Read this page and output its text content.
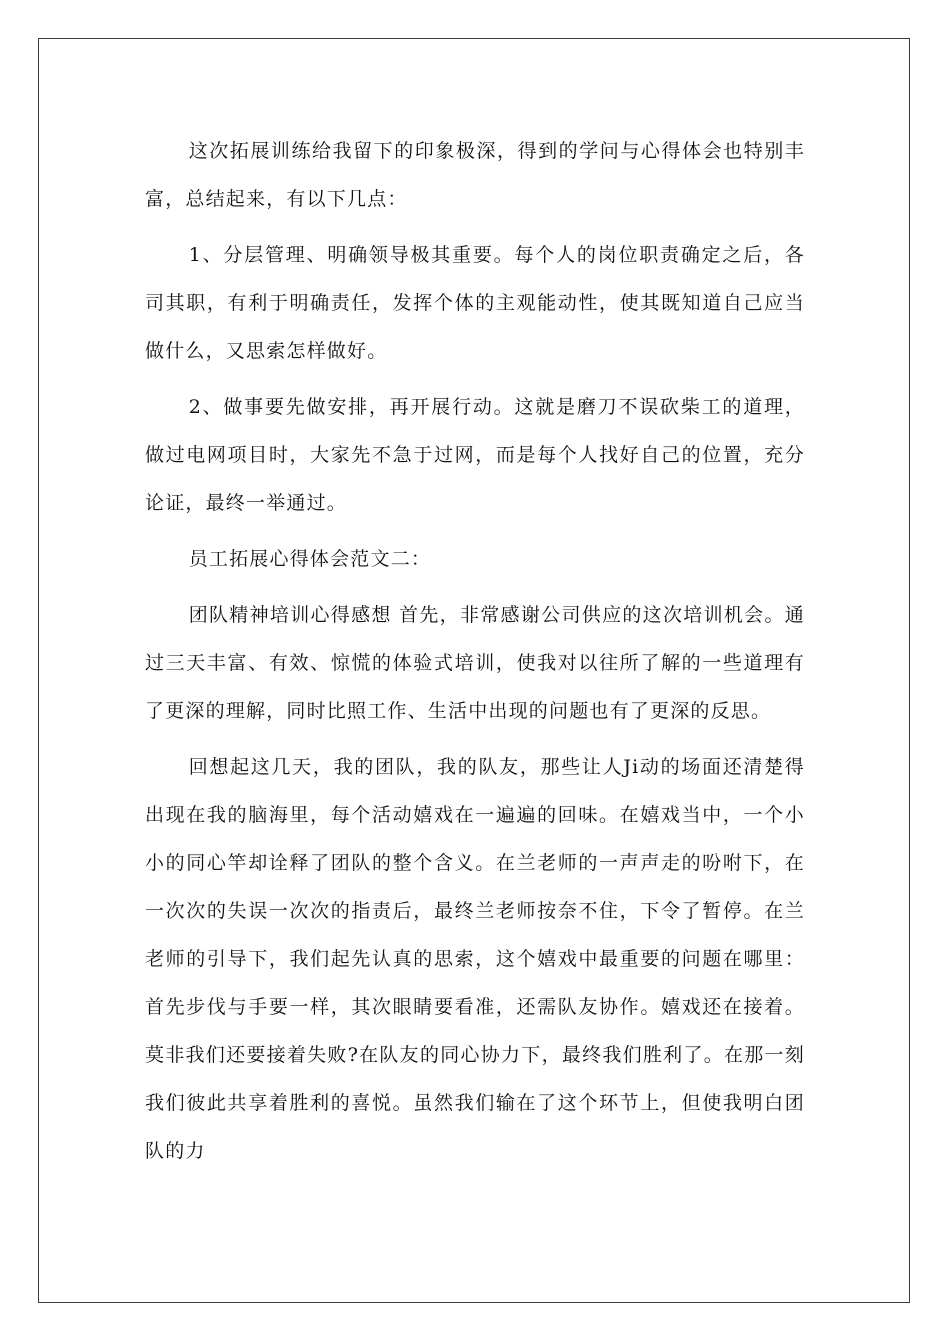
这次拓展训练给我留下的印象极深，得到的学问与心得体会也特别丰富，总结起来，有以下几点：

1、分层管理、明确领导极其重要。每个人的岗位职责确定之后，各司其职，有利于明确责任，发挥个体的主观能动性，使其既知道自己应当做什么，又思索怎样做好。

2、做事要先做安排，再开展行动。这就是磨刀不误砍柴工的道理，做过电网项目时，大家先不急于过网，而是每个人找好自己的位置，充分论证，最终一举通过。

员工拓展心得体会范文二：

团队精神培训心得感想 首先，非常感谢公司供应的这次培训机会。通过三天丰富、有效、惊慌的体验式培训，使我对以往所了解的一些道理有了更深的理解，同时比照工作、生活中出现的问题也有了更深的反思。

回想起这几天，我的团队，我的队友，那些让人Ji动的场面还清楚得出现在我的脑海里，每个活动嬉戏在一遍遍的回味。在嬉戏当中，一个小小的同心竿却诠释了团队的整个含义。在兰老师的一声声走的吩咐下，在一次次的失误一次次的指责后，最终兰老师按奈不住，下令了暂停。在兰老师的引导下，我们起先认真的思索，这个嬉戏中最重要的问题在哪里：首先步伐与手要一样，其次眼睛要看准，还需队友协作。嬉戏还在接着。莫非我们还要接着失败?在队友的同心协力下，最终我们胜利了。在那一刻我们彼此共享着胜利的喜悦。虽然我们输在了这个环节上，但使我明白团队的力
